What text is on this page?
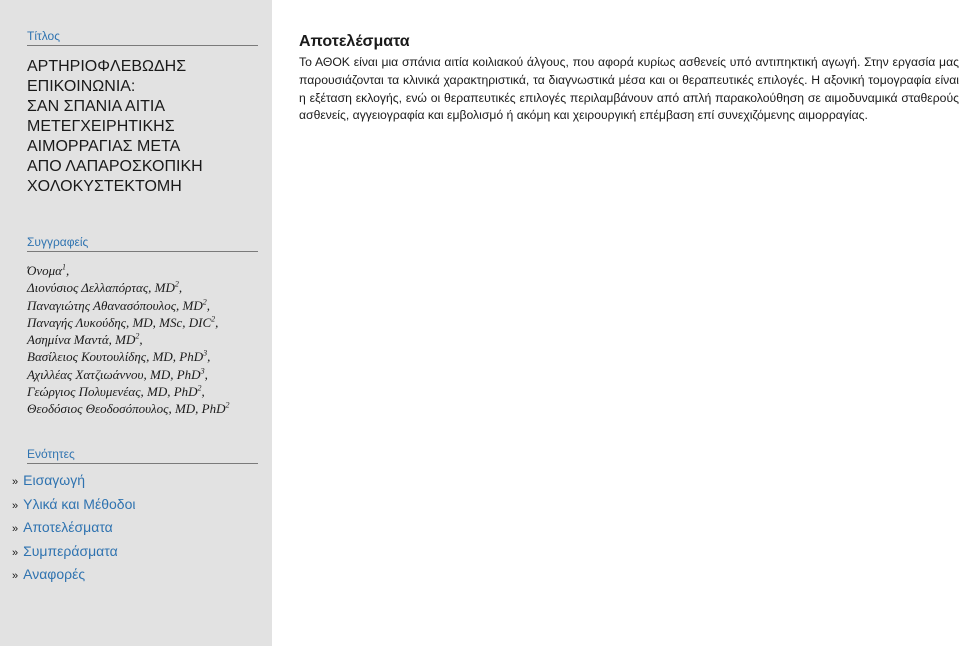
Τίτλος
ΑΡΤΗΡΙΟΦΛΕΒΩΔΗΣ
ΕΠΙΚΟΙΝΩΝΙΑ:
ΣΑΝ ΣΠΑΝΙΑ ΑΙΤΙΑ
ΜΕΤΕΓΧΕΙΡΗΤΙΚΗΣ
ΑΙΜΟΡΡΑΓΙΑΣ ΜΕΤΑ
ΑΠΟ ΛΑΠΑΡΟΣΚΟΠΙΚΗ
ΧΟΛΟΚΥΣΤΕΚΤΟΜΗ
Συγγραφείς
Όνομα$^1$,
Διονύσιος Δελλαπόρτας, $MD^2$,
Παναγιώτης Αθανασόπουλος, $MD^2$,
Παναγής Λυκούδης, MD, MSc, DIC$^2$,
Ασημίνα Μαντά, $MD^2$,
Βασίλειος Κουτουλίδης, MD, PhD$^3$,
Αχιλλέας Χατζιωάννου, MD, PhD$^3$,
Γεώργιος Πολυμενέας, MD, PhD$^2$,
Θεοδόσιος Θεοδοσόπουλος, MD, PhD$^2$
Ενότητες
» Εισαγωγή
» Υλικά και Μέθοδοι
» Αποτελέσματα
» Συμπεράσματα
» Αναφορές
Αποτελέσματα

Το ΑΘΟΚ είναι μια σπάνια αιτία κοιλιακού άλγους, που αφορά κυρίως ασθενείς υπό αντιπηκτική αγωγή. Στην εργασία μας παρουσιάζονται τα κλινικά χαρακτηριστικά, τα διαγνωστικά μέσα και οι θεραπευτικές επιλογές. Η αξονική τομογραφία είναι η εξέταση εκλογής, ενώ οι θεραπευτικές επιλογές περιλαμβάνουν από απλή παρακολούθηση σε αιμοδυναμικά σταθερούς ασθενείς, αγγειογραφία και εμβολισμό ή ακόμη και χειρουργική επέμβαση επί συνεχιζόμενης αιμορραγίας.
